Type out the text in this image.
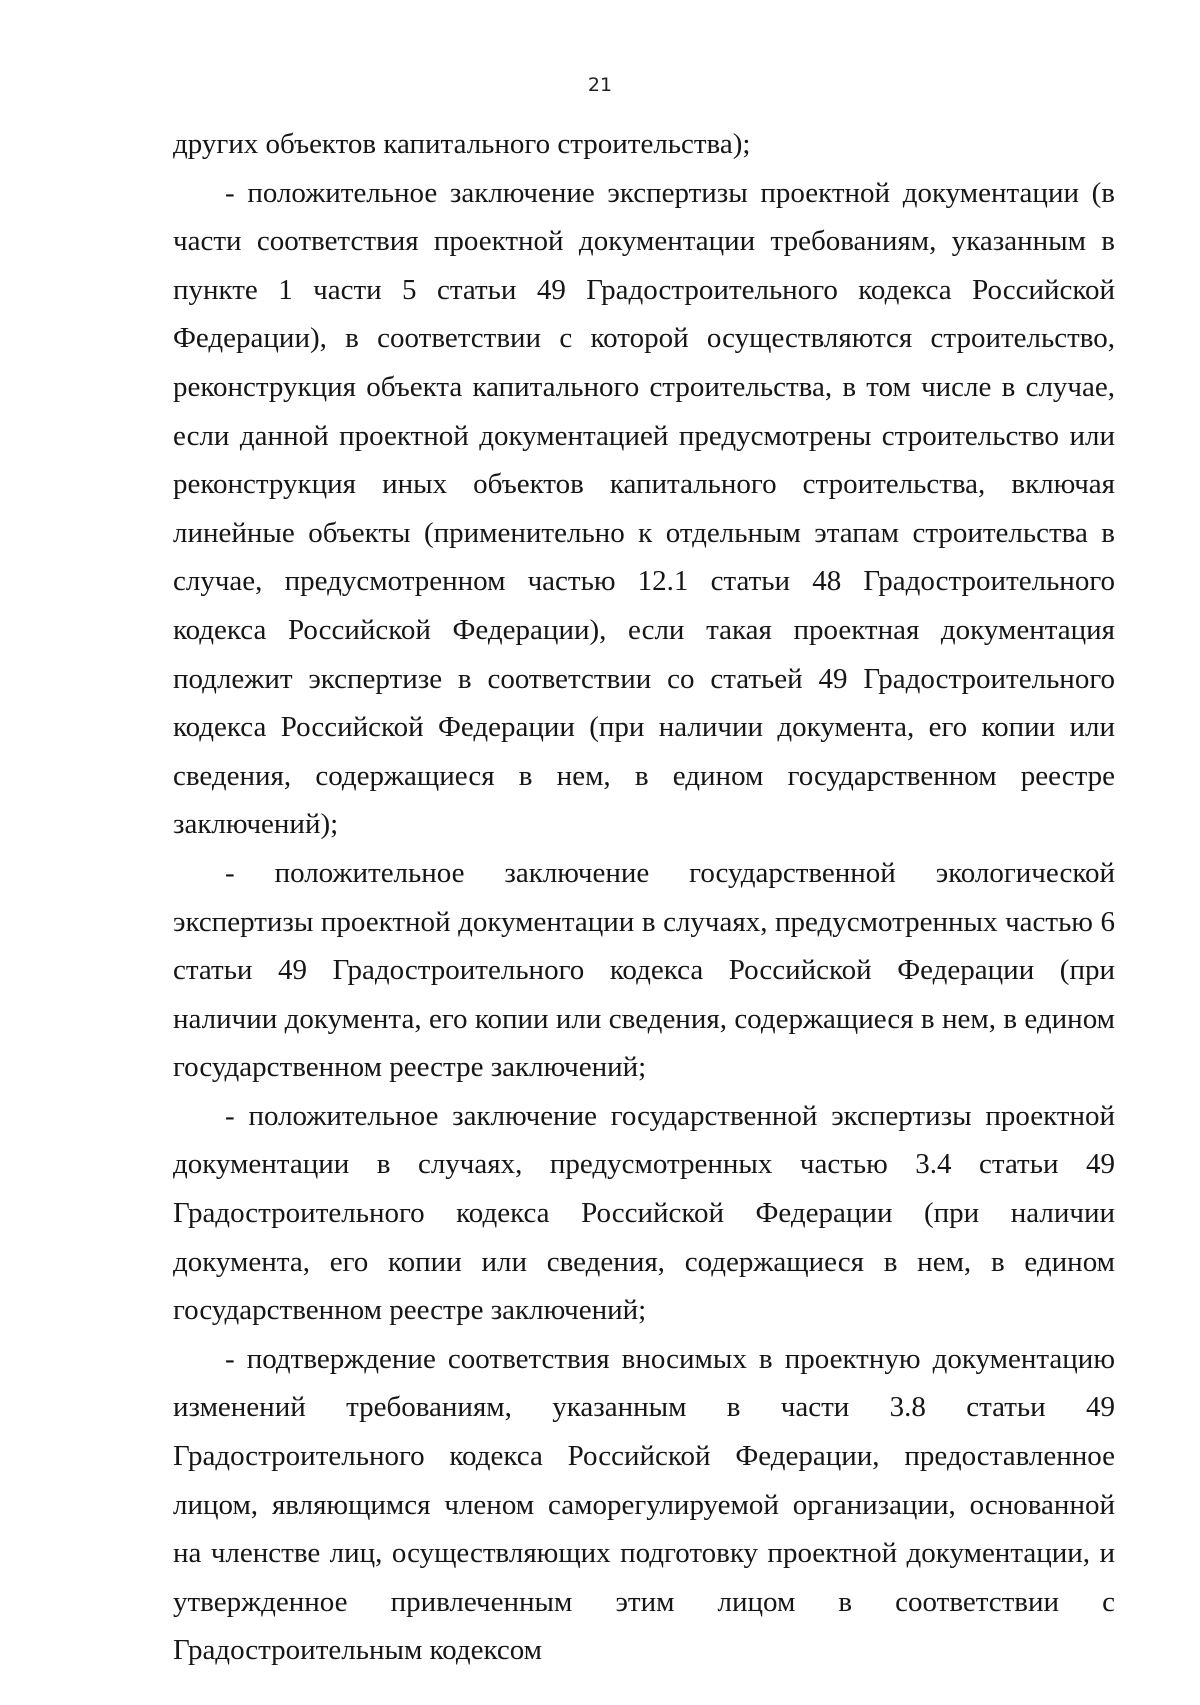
21

других объектов капитального строительства);

- положительное заключение экспертизы проектной документации (в части соответствия проектной документации требованиям, указанным в пункте 1 части 5 статьи 49 Градостроительного кодекса Российской Федерации), в соответствии с которой осуществляются строительство, реконструкция объекта капитального строительства, в том числе в случае, если данной проектной документацией предусмотрены строительство или реконструкция иных объектов капитального строительства, включая линейные объекты (применительно к отдельным этапам строительства в случае, предусмотренном частью 12.1 статьи 48 Градостроительного кодекса Российской Федерации), если такая проектная документация подлежит экспертизе в соответствии со статьей 49 Градостроительного кодекса Российской Федерации (при наличии документа, его копии или сведения, содержащиеся в нем, в едином государственном реестре заключений);

- положительное заключение государственной экологической экспертизы проектной документации в случаях, предусмотренных частью 6 статьи 49 Градостроительного кодекса Российской Федерации (при наличии документа, его копии или сведения, содержащиеся в нем, в едином государственном реестре заключений;

- положительное заключение государственной экспертизы проектной документации в случаях, предусмотренных частью 3.4 статьи 49 Градостроительного кодекса Российской Федерации (при наличии документа, его копии или сведения, содержащиеся в нем, в едином государственном реестре заключений;

- подтверждение соответствия вносимых в проектную документацию изменений требованиям, указанным в части 3.8 статьи 49 Градостроительного кодекса Российской Федерации, предоставленное лицом, являющимся членом саморегулируемой организации, основанной на членстве лиц, осуществляющих подготовку проектной документации, и утвержденное привлеченным этим лицом в соответствии с Градостроительным кодексом
